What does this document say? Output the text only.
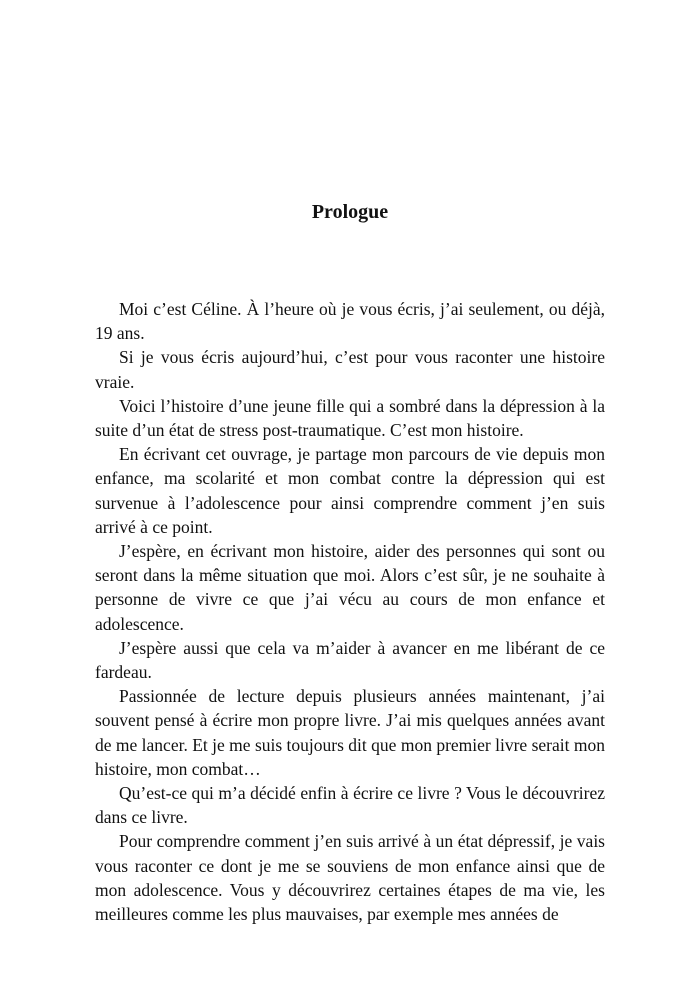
Prologue

Moi c’est Céline. À l’heure où je vous écris, j’ai seulement, ou déjà, 19 ans.

Si je vous écris aujourd’hui, c’est pour vous raconter une histoire vraie.

Voici l’histoire d’une jeune fille qui a sombré dans la dépression à la suite d’un état de stress post-traumatique. C’est mon histoire.

En écrivant cet ouvrage, je partage mon parcours de vie depuis mon enfance, ma scolarité et mon combat contre la dépression qui est survenue à l’adolescence pour ainsi comprendre comment j’en suis arrivé à ce point.

J’espère, en écrivant mon histoire, aider des personnes qui sont ou seront dans la même situation que moi. Alors c’est sûr, je ne souhaite à personne de vivre ce que j’ai vécu au cours de mon enfance et adolescence.

J’espère aussi que cela va m’aider à avancer en me libérant de ce fardeau.

Passionnée de lecture depuis plusieurs années maintenant, j’ai souvent pensé à écrire mon propre livre. J’ai mis quelques années avant de me lancer. Et je me suis toujours dit que mon premier livre serait mon histoire, mon combat…

Qu’est-ce qui m’a décidé enfin à écrire ce livre ? Vous le découvrirez dans ce livre.

Pour comprendre comment j’en suis arrivé à un état dépressif, je vais vous raconter ce dont je me se souviens de mon enfance ainsi que de mon adolescence. Vous y découvrirez certaines étapes de ma vie, les meilleures comme les plus mauvaises, par exemple mes années de
